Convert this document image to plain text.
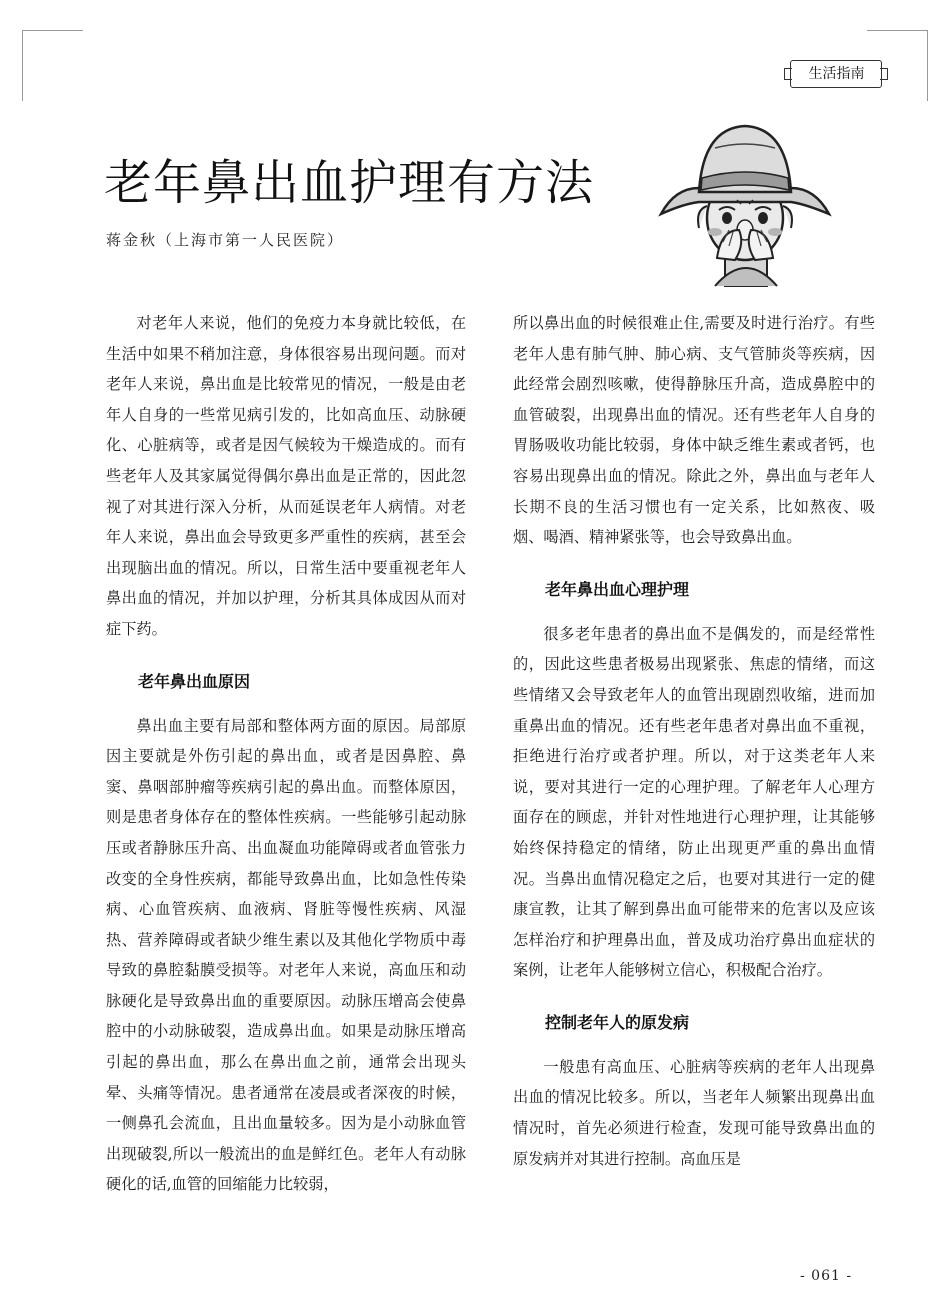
生活指南
老年鼻出血护理有方法
蒋金秋（上海市第一人民医院）

对老年人来说，他们的免疫力本身就比较低，在生活中如果不稍加注意，身体很容易出现问题。而对老年人来说，鼻出血是比较常见的情况，一般是由老年人自身的一些常见病引发的，比如高血压、动脉硬化、心脏病等，或者是因气候较为干燥造成的。而有些老年人及其家属觉得偶尔鼻出血是正常的，因此忽视了对其进行深入分析，从而延误老年人病情。对老年人来说，鼻出血会导致更多严重性的疾病，甚至会出现脑出血的情况。所以，日常生活中要重视老年人鼻出血的情况，并加以护理，分析其具体成因从而对症下药。

老年鼻出血原因

鼻出血主要有局部和整体两方面的原因。局部原因主要就是外伤引起的鼻出血，或者是因鼻腔、鼻窦、鼻咽部肿瘤等疾病引起的鼻出血。而整体原因，则是患者身体存在的整体性疾病。一些能够引起动脉压或者静脉压升高、出血凝血功能障碍或者血管张力改变的全身性疾病，都能导致鼻出血，比如急性传染病、心血管疾病、血液病、肾脏等慢性疾病、风湿热、营养障碍或者缺少维生素以及其他化学物质中毒导致的鼻腔黏膜受损等。对老年人来说，高血压和动脉硬化是导致鼻出血的重要原因。动脉压增高会使鼻腔中的小动脉破裂，造成鼻出血。如果是动脉压增高引起的鼻出血，那么在鼻出血之前，通常会出现头晕、头痛等情况。患者通常在凌晨或者深夜的时候，一侧鼻孔会流血，且出血量较多。因为是小动脉血管出现破裂,所以一般流出的血是鲜红色。老年人有动脉硬化的话,血管的回缩能力比较弱，

所以鼻出血的时候很难止住,需要及时进行治疗。有些老年人患有肺气肿、肺心病、支气管肺炎等疾病，因此经常会剧烈咳嗽，使得静脉压升高，造成鼻腔中的血管破裂，出现鼻出血的情况。还有些老年人自身的胃肠吸收功能比较弱，身体中缺乏维生素或者钙，也容易出现鼻出血的情况。除此之外，鼻出血与老年人长期不良的生活习惯也有一定关系，比如熬夜、吸烟、喝酒、精神紧张等，也会导致鼻出血。

老年鼻出血心理护理

很多老年患者的鼻出血不是偶发的，而是经常性的，因此这些患者极易出现紧张、焦虑的情绪，而这些情绪又会导致老年人的血管出现剧烈收缩，进而加重鼻出血的情况。还有些老年患者对鼻出血不重视，拒绝进行治疗或者护理。所以，对于这类老年人来说，要对其进行一定的心理护理。了解老年人心理方面存在的顾虑，并针对性地进行心理护理，让其能够始终保持稳定的情绪，防止出现更严重的鼻出血情况。当鼻出血情况稳定之后，也要对其进行一定的健康宣教，让其了解到鼻出血可能带来的危害以及应该怎样治疗和护理鼻出血，普及成功治疗鼻出血症状的案例，让老年人能够树立信心，积极配合治疗。

控制老年人的原发病

一般患有高血压、心脏病等疾病的老年人出现鼻出血的情况比较多。所以，当老年人频繁出现鼻出血情况时，首先必须进行检查，发现可能导致鼻出血的原发病并对其进行控制。高血压是

- 061 -
